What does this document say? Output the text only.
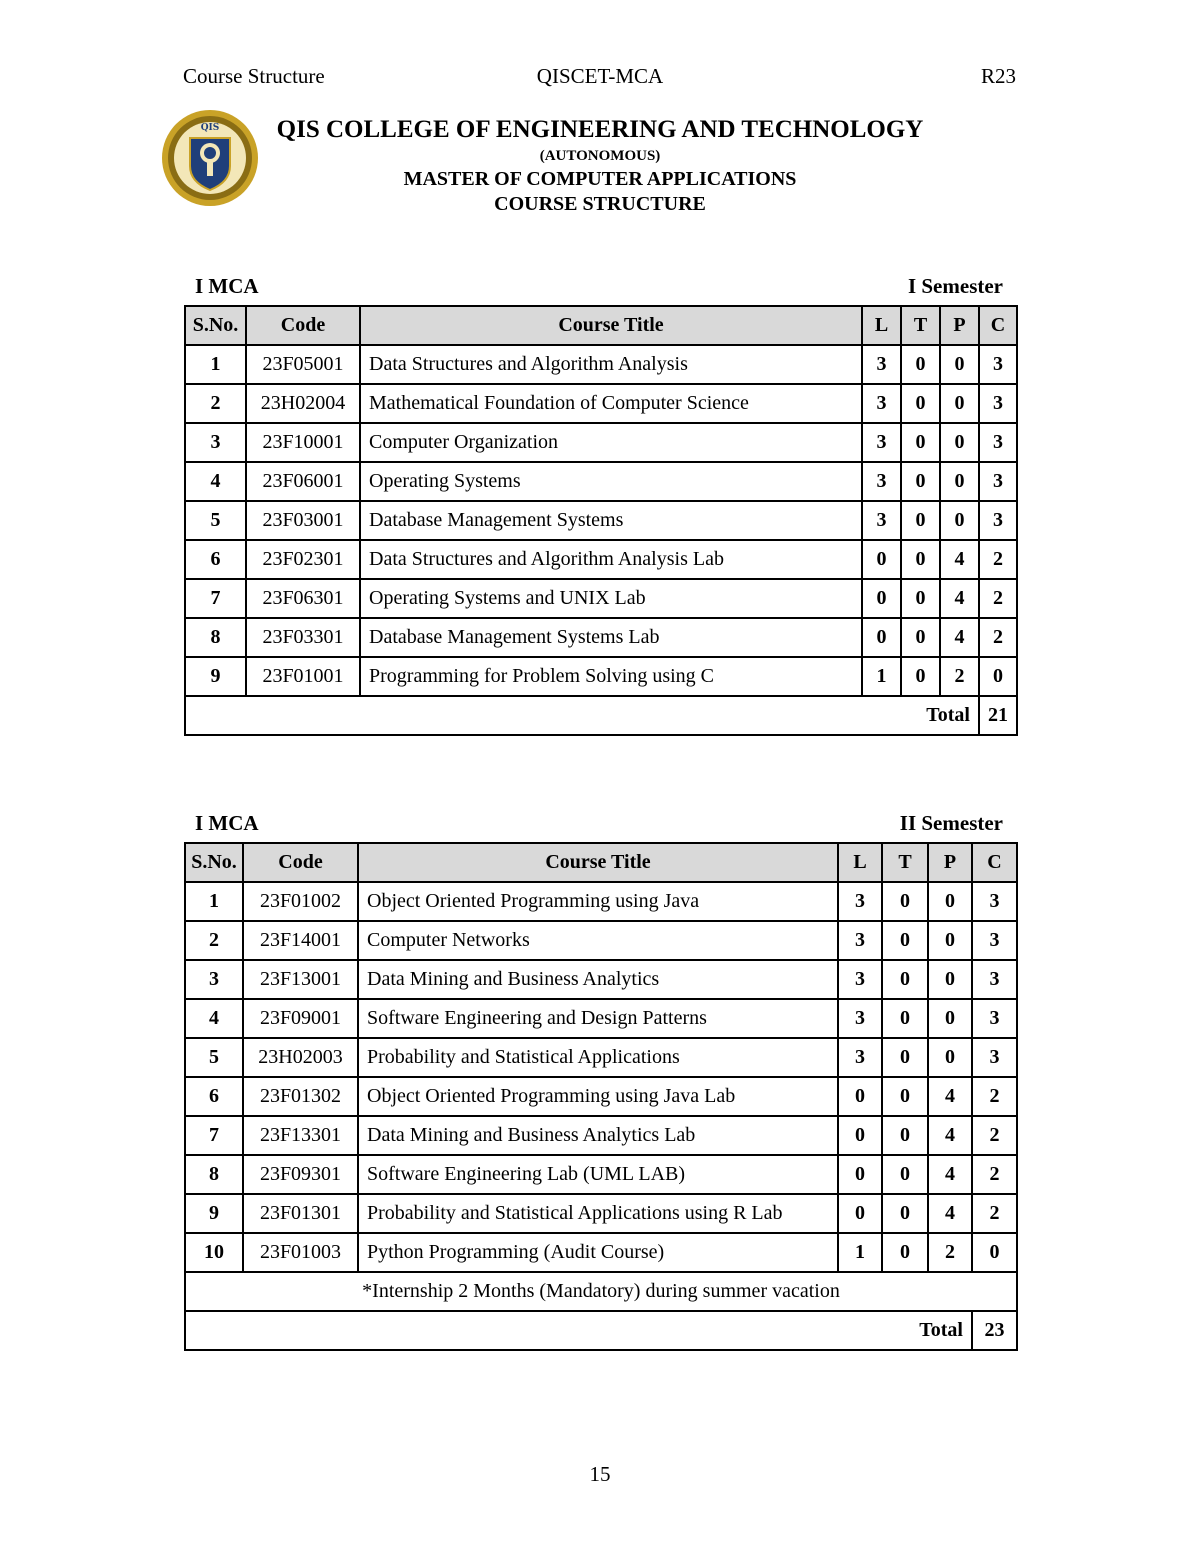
Course Structure	QISCET-MCA	R23
QIS	QIS COLLEGE OF ENGINEERING AND TECHNOLOGY
(AUTONOMOUS)
MASTER OF COMPUTER APPLICATIONS
COURSE STRUCTURE
I MCA	I Semester
S.No.	Code	Course Title	L	T	P	C
1	23F05001	Data Structures and Algorithm Analysis	3	0	0	3
2	23H02004	Mathematical Foundation of Computer Science	3	0	0	3
3	23F10001	Computer Organization	3	0	0	3
4	23F06001	Operating Systems	3	0	0	3
5	23F03001	Database Management Systems	3	0	0	3
6	23F02301	Data Structures and Algorithm Analysis Lab	0	0	4	2
7	23F06301	Operating Systems and UNIX Lab	0	0	4	2
8	23F03301	Database Management Systems Lab	0	0	4	2
9	23F01001	Programming for Problem Solving using C	1	0	2	0
Total						21
I MCA	II Semester
S.No.	Code	Course Title	L	T	P	C
1	23F01002	Object Oriented Programming using Java	3	0	0	3
2	23F14001	Computer Networks	3	0	0	3
3	23F13001	Data Mining and Business Analytics	3	0	0	3
4	23F09001	Software Engineering and Design Patterns	3	0	0	3
5	23H02003	Probability and Statistical Applications	3	0	0	3
6	23F01302	Object Oriented Programming using Java Lab	0	0	4	2
7	23F13301	Data Mining and Business Analytics Lab	0	0	4	2
8	23F09301	Software Engineering Lab (UML LAB)	0	0	4	2
9	23F01301	Probability and Statistical Applications using R Lab	0	0	4	2
10	23F01003	Python Programming (Audit Course)	1	0	2	0
*Internship 2 Months (Mandatory) during summer vacation						
Total						23
15
